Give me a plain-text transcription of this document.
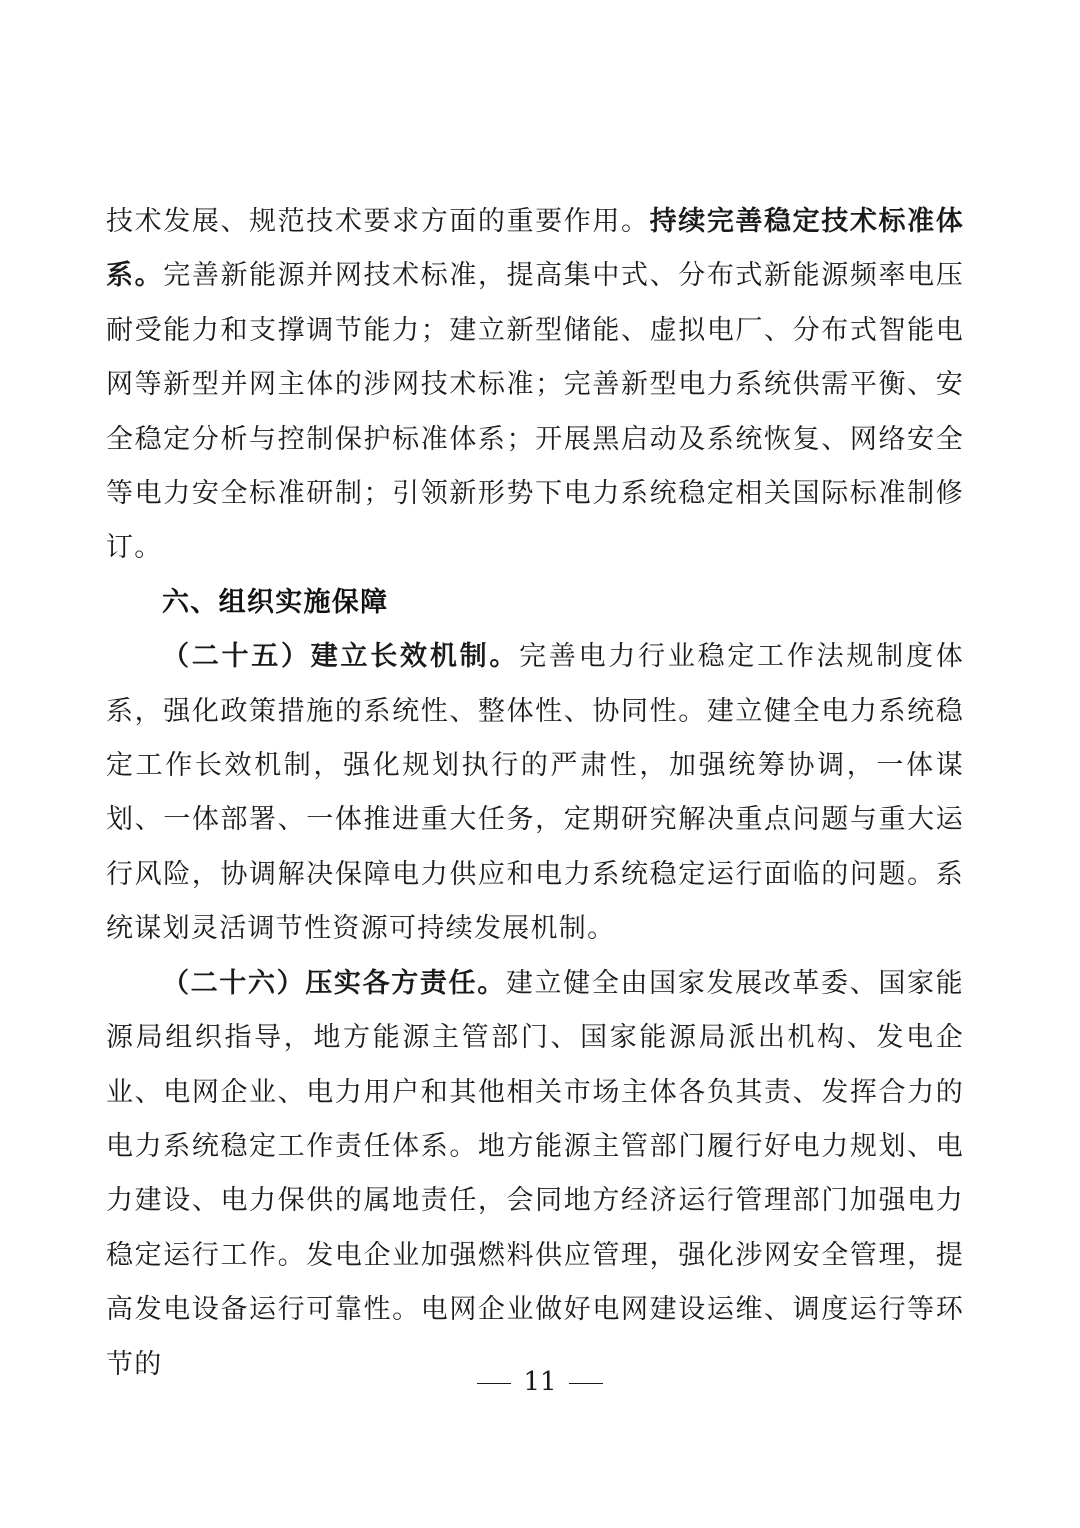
技术发展、规范技术要求方面的重要作用。持续完善稳定技术标准体系。完善新能源并网技术标准，提高集中式、分布式新能源频率电压耐受能力和支撑调节能力；建立新型储能、虚拟电厂、分布式智能电网等新型并网主体的涉网技术标准；完善新型电力系统供需平衡、安全稳定分析与控制保护标准体系；开展黑启动及系统恢复、网络安全等电力安全标准研制；引领新形势下电力系统稳定相关国际标准制修订。

六、组织实施保障

（二十五）建立长效机制。完善电力行业稳定工作法规制度体系，强化政策措施的系统性、整体性、协同性。建立健全电力系统稳定工作长效机制，强化规划执行的严肃性，加强统筹协调，一体谋划、一体部署、一体推进重大任务，定期研究解决重点问题与重大运行风险，协调解决保障电力供应和电力系统稳定运行面临的问题。系统谋划灵活调节性资源可持续发展机制。

（二十六）压实各方责任。建立健全由国家发展改革委、国家能源局组织指导，地方能源主管部门、国家能源局派出机构、发电企业、电网企业、电力用户和其他相关市场主体各负其责、发挥合力的电力系统稳定工作责任体系。地方能源主管部门履行好电力规划、电力建设、电力保供的属地责任，会同地方经济运行管理部门加强电力稳定运行工作。发电企业加强燃料供应管理，强化涉网安全管理，提高发电设备运行可靠性。电网企业做好电网建设运维、调度运行等环节的

11
